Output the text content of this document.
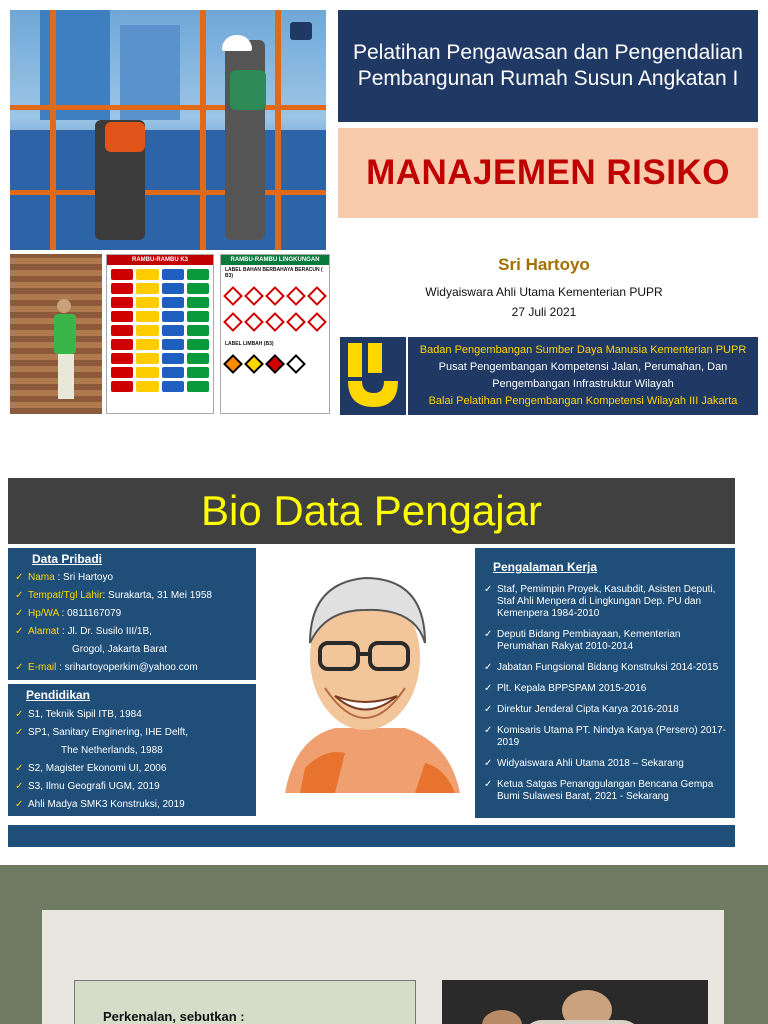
RAMBU-RAMBU K3	RAMBU-RAMBU LINGKUNGAN
LABEL BAHAN BERBAHAYA BERACUN ( B3)
LABEL LIMBAH (B3)
Pelatihan Pengawasan dan Pengendalian Pembangunan Rumah Susun Angkatan I
MANAJEMEN RISIKO
Sri Hartoyo
Widyaiswara Ahli Utama Kementerian PUPR
27 Juli 2021
Badan Pengembangan Sumber Daya Manusia Kementerian PUPR
Pusat Pengembangan Kompetensi Jalan, Perumahan, Dan
Pengembangan Infrastruktur Wilayah
Balai Pelatihan Pengembangan Kompetensi Wilayah III Jakarta
Bio Data Pengajar
Data Pribadi
✓ Nama : Sri Hartoyo
✓ Tempat/Tgl Lahir: Surakarta, 31 Mei 1958
✓ Hp/WA : 0811167079
✓ Alamat : Jl. Dr. Susilo III/1B,
Grogol, Jakarta Barat
✓ E-mail : srihartoyoperkim@yahoo.com
Pendidikan
✓ S1, Teknik Sipil ITB, 1984
✓ SP1, Sanitary Enginering, IHE Delft,
The Netherlands, 1988
✓ S2, Magister Ekonomi UI, 2006
✓ S3, Ilmu Geografi UGM, 2019
✓ Ahli Madya SMK3 Konstruksi, 2019
Pengalaman Kerja
✓ Staf, Pemimpin Proyek, Kasubdit, Asisten Deputi, Staf Ahli Menpera di Lingkungan Dep. PU dan Kemenpera 1984-2010
✓ Deputi Bidang Pembiayaan, Kementerian Perumahan Rakyat 2010-2014
✓ Jabatan Fungsional Bidang Konstruksi 2014-2015
✓ Plt. Kepala BPPSPAM 2015-2016
✓ Direktur Jenderal Cipta Karya 2016-2018
✓ Komisaris Utama PT. Nindya Karya (Persero) 2017-2019
✓ Widyaiswara Ahli Utama 2018 – Sekarang
✓ Ketua Satgas Penanggulangan Bencana Gempa Bumi Sulawesi Barat, 2021 - Sekarang
Perkenalan, sebutkan :
